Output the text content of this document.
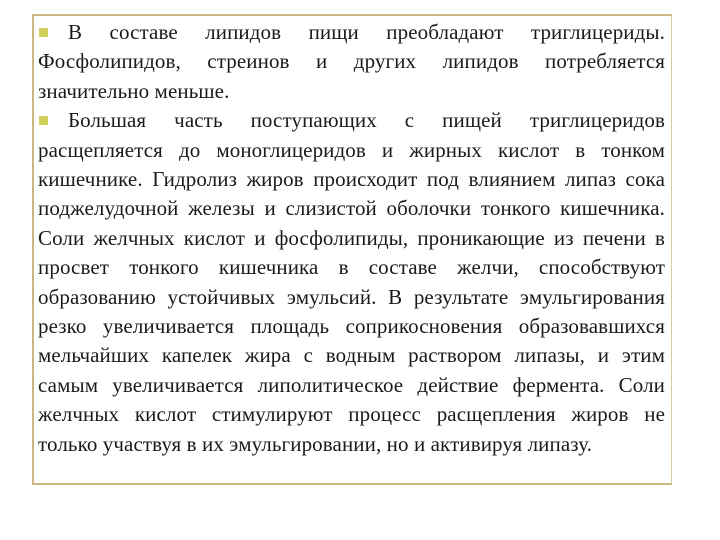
В составе липидов пищи преобладают триглицериды. Фосфолипидов, стреинов и других липидов потребляется значительно меньше.

Большая часть поступающих с пищей триглицеридов расщепляется до моноглицеридов и жирных кислот в тонком кишечнике. Гидролиз жиров происходит под влиянием липаз сока поджелудочной железы и слизистой оболочки тонкого кишечника. Соли желчных кислот и фосфолипиды, проникающие из печени в просвет тонкого кишечника в составе желчи, способствуют образованию устойчивых эмульсий. В результате эмульгирования резко увеличивается площадь соприкосновения образовавшихся мельчайших капелек жира с водным раствором липазы, и этим самым увеличивается липолитическое действие фермента. Соли желчных кислот стимулируют процесс расщепления жиров не только участвуя в их эмульгировании, но и активируя липазу.
